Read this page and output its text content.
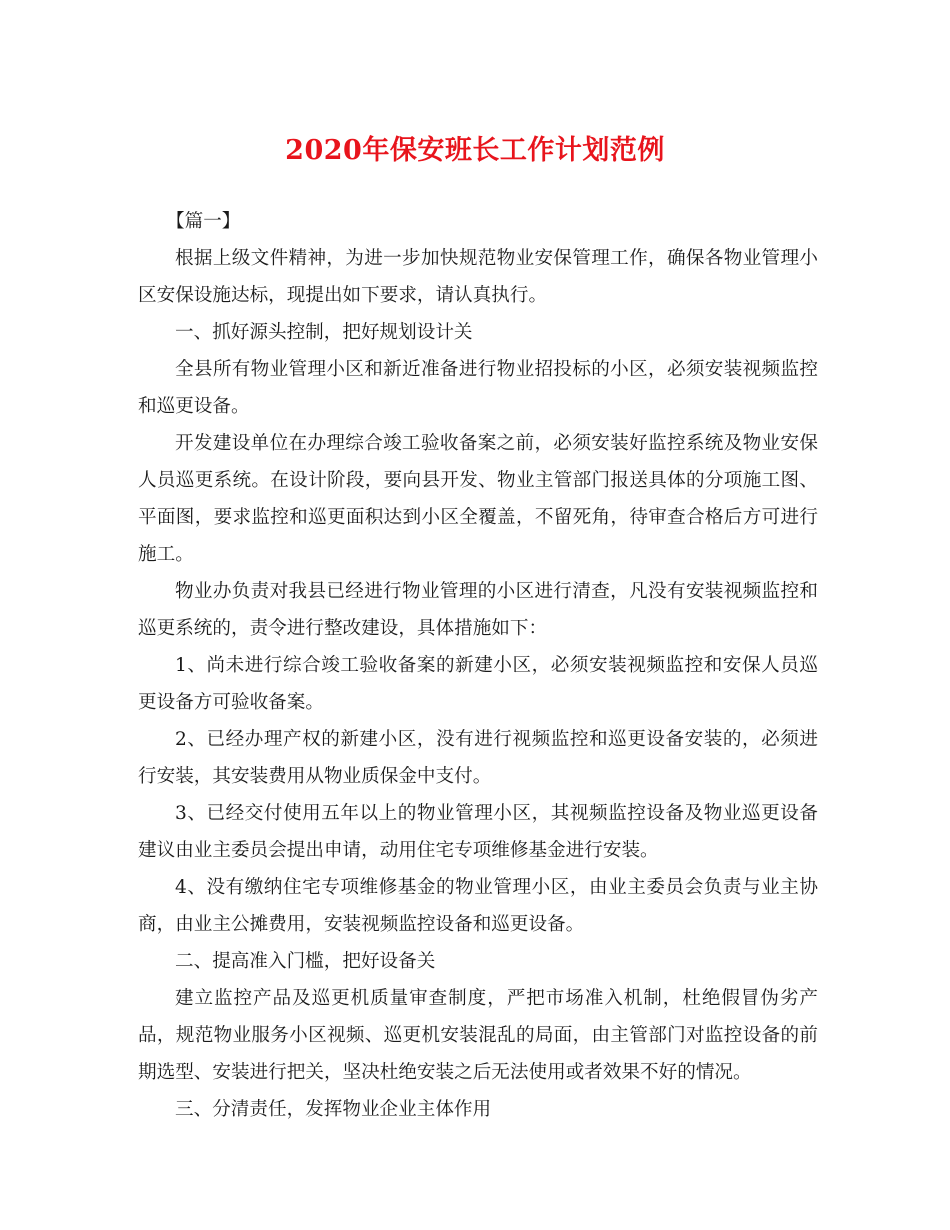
2020年保安班长工作计划范例

【篇一】

根据上级文件精神，为进一步加快规范物业安保管理工作，确保各物业管理小区安保设施达标，现提出如下要求，请认真执行。

一、抓好源头控制，把好规划设计关

全县所有物业管理小区和新近准备进行物业招投标的小区，必须安装视频监控和巡更设备。

开发建设单位在办理综合竣工验收备案之前，必须安装好监控系统及物业安保人员巡更系统。在设计阶段，要向县开发、物业主管部门报送具体的分项施工图、平面图，要求监控和巡更面积达到小区全覆盖，不留死角，待审查合格后方可进行施工。

物业办负责对我县已经进行物业管理的小区进行清查，凡没有安装视频监控和巡更系统的，责令进行整改建设，具体措施如下：

1、尚未进行综合竣工验收备案的新建小区，必须安装视频监控和安保人员巡更设备方可验收备案。

2、已经办理产权的新建小区，没有进行视频监控和巡更设备安装的，必须进行安装，其安装费用从物业质保金中支付。

3、已经交付使用五年以上的物业管理小区，其视频监控设备及物业巡更设备建议由业主委员会提出申请，动用住宅专项维修基金进行安装。

4、没有缴纳住宅专项维修基金的物业管理小区，由业主委员会负责与业主协商，由业主公摊费用，安装视频监控设备和巡更设备。

二、提高准入门槛，把好设备关

建立监控产品及巡更机质量审查制度，严把市场准入机制，杜绝假冒伪劣产品，规范物业服务小区视频、巡更机安装混乱的局面，由主管部门对监控设备的前期选型、安装进行把关，坚决杜绝安装之后无法使用或者效果不好的情况。

三、分清责任，发挥物业企业主体作用
